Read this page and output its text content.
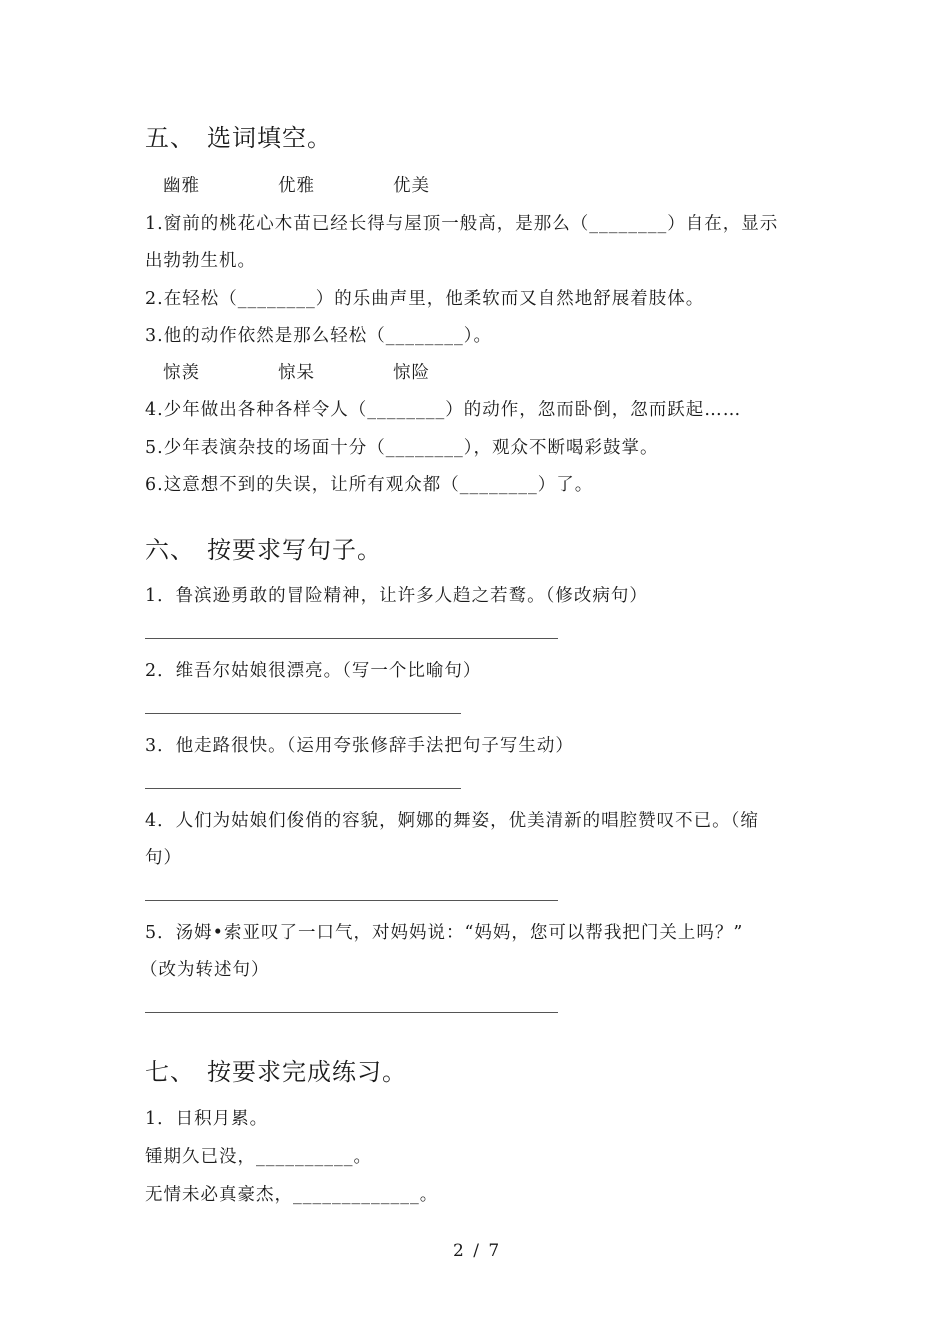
五、 选词填空。
幽雅	优雅	优美
1.窗前的桃花心木苗已经长得与屋顶一般高，是那么（________）自在，显示
出勃勃生机。
2.在轻松（________）的乐曲声里，他柔软而又自然地舒展着肢体。
3.他的动作依然是那么轻松（________）。
惊羡	惊呆	惊险
4.少年做出各种各样令人（________）的动作，忽而卧倒，忽而跃起……
5.少年表演杂技的场面十分（________），观众不断喝彩鼓掌。
6.这意想不到的失误，让所有观众都（________）了。
六、 按要求写句子。
1．鲁滨逊勇敢的冒险精神，让许多人趋之若鹜。（修改病句）
2．维吾尔姑娘很漂亮。（写一个比喻句）
3．他走路很快。（运用夸张修辞手法把句子写生动）
4．人们为姑娘们俊俏的容貌，婀娜的舞姿，优美清新的唱腔赞叹不已。（缩
句）
5．汤姆•索亚叹了一口气，对妈妈说：“妈妈，您可以帮我把门关上吗？”
（改为转述句）
七、 按要求完成练习。
1．日积月累。
锺期久已没，__________。
无情未必真豪杰，_____________。
2 / 7
